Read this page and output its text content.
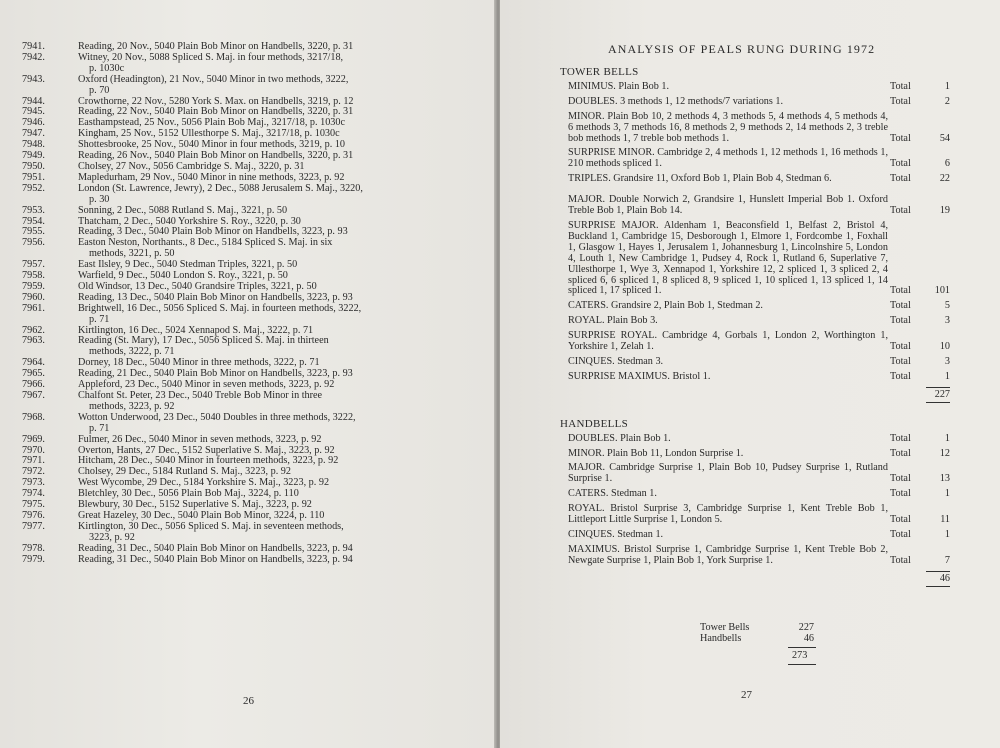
7941.	Reading, 20 Nov., 5040 Plain Bob Minor on Handbells, 3220, p. 31
7942.	Witney, 20 Nov., 5088 Spliced S. Maj. in four methods, 3217/18,
p. 1030c
7943.	Oxford (Headington), 21 Nov., 5040 Minor in two methods, 3222,
p. 70
7944.	Crowthorne, 22 Nov., 5280 York S. Max. on Handbells, 3219, p. 12
7945.	Reading, 22 Nov., 5040 Plain Bob Minor on Handbells, 3220, p. 31
7946.	Easthampstead, 25 Nov., 5056 Plain Bob Maj., 3217/18, p. 1030c
7947.	Kingham, 25 Nov., 5152 Ullesthorpe S. Maj., 3217/18, p. 1030c
7948.	Shottesbrooke, 25 Nov., 5040 Minor in four methods, 3219, p. 10
7949.	Reading, 26 Nov., 5040 Plain Bob Minor on Handbells, 3220, p. 31
7950.	Cholsey, 27 Nov., 5056 Cambridge S. Maj., 3220, p. 31
7951.	Mapledurham, 29 Nov., 5040 Minor in nine methods, 3223, p. 92
7952.	London (St. Lawrence, Jewry), 2 Dec., 5088 Jerusalem S. Maj., 3220,
p. 30
7953.	Sonning, 2 Dec., 5088 Rutland S. Maj., 3221, p. 50
7954.	Thatcham, 2 Dec., 5040 Yorkshire S. Roy., 3220, p. 30
7955.	Reading, 3 Dec., 5040 Plain Bob Minor on Handbells, 3223, p. 93
7956.	Easton Neston, Northants., 8 Dec., 5184 Spliced S. Maj. in six
methods, 3221, p. 50
7957.	East Ilsley, 9 Dec., 5040 Stedman Triples, 3221, p. 50
7958.	Warfield, 9 Dec., 5040 London S. Roy., 3221, p. 50
7959.	Old Windsor, 13 Dec., 5040 Grandsire Triples, 3221, p. 50
7960.	Reading, 13 Dec., 5040 Plain Bob Minor on Handbells, 3223, p. 93
7961.	Brightwell, 16 Dec., 5056 Spliced S. Maj. in fourteen methods, 3222,
p. 71
7962.	Kirtlington, 16 Dec., 5024 Xennapod S. Maj., 3222, p. 71
7963.	Reading (St. Mary), 17 Dec., 5056 Spliced S. Maj. in thirteen
methods, 3222, p. 71
7964.	Dorney, 18 Dec., 5040 Minor in three methods, 3222, p. 71
7965.	Reading, 21 Dec., 5040 Plain Bob Minor on Handbells, 3223, p. 93
7966.	Appleford, 23 Dec., 5040 Minor in seven methods, 3223, p. 92
7967.	Chalfont St. Peter, 23 Dec., 5040 Treble Bob Minor in three
methods, 3223, p. 92
7968.	Wotton Underwood, 23 Dec., 5040 Doubles in three methods, 3222,
p. 71
7969.	Fulmer, 26 Dec., 5040 Minor in seven methods, 3223, p. 92
7970.	Overton, Hants, 27 Dec., 5152 Superlative S. Maj., 3223, p. 92
7971.	Hitcham, 28 Dec., 5040 Minor in fourteen methods, 3223, p. 92
7972.	Cholsey, 29 Dec., 5184 Rutland S. Maj., 3223, p. 92
7973.	West Wycombe, 29 Dec., 5184 Yorkshire S. Maj., 3223, p. 92
7974.	Bletchley, 30 Dec., 5056 Plain Bob Maj., 3224, p. 110
7975.	Blewbury, 30 Dec., 5152 Superlative S. Maj., 3223, p. 92
7976.	Great Hazeley, 30 Dec., 5040 Plain Bob Minor, 3224, p. 110
7977.	Kirtlington, 30 Dec., 5056 Spliced S. Maj. in seventeen methods,
3223, p. 92
7978.	Reading, 31 Dec., 5040 Plain Bob Minor on Handbells, 3223, p. 94
7979.	Reading, 31 Dec., 5040 Plain Bob Minor on Handbells, 3223, p. 94
26
ANALYSIS OF PEALS RUNG DURING 1972
TOWER BELLS
MINIMUS. Plain Bob 1.	Total	1
DOUBLES. 3 methods 1, 12 methods/7 variations 1.	Total	2
MINOR. Plain Bob 10, 2 methods 4, 3 methods 5, 4 methods 4, 5 methods 4, 6 methods 3, 7 methods 16, 8 methods 2, 9 methods 2, 14 methods 2, 3 treble bob methods 1, 7 treble bob methods 1.	Total	54
SURPRISE MINOR. Cambridge 2, 4 methods 1, 12 methods 1, 16 methods 1, 210 methods spliced 1.	Total	6
TRIPLES. Grandsire 11, Oxford Bob 1, Plain Bob 4, Stedman 6.	Total	22
MAJOR. Double Norwich 2, Grandsire 1, Hunslett Imperial Bob 1. Oxford Treble Bob 1, Plain Bob 14.	Total	19
SURPRISE MAJOR. Aldenham 1, Beaconsfield 1, Belfast 2, Bristol 4, Buckland 1, Cambridge 15, Desborough 1, Elmore 1, Fordcombe 1, Foxhall 1, Glasgow 1, Hayes 1, Jerusalem 1, Johannesburg 1, Lincolnshire 5, London 4, Louth 1, New Cambridge 1, Pudsey 4, Rock 1, Rutland 6, Superlative 7, Ullesthorpe 1, Wye 3, Xennapod 1, Yorkshire 12, 2 spliced 1, 3 spliced 2, 4 spliced 6, 6 spliced 1, 8 spliced 8, 9 spliced 1, 10 spliced 1, 13 spliced 1, 14 spliced 1, 17 spliced 1.	Total 101
CATERS. Grandsire 2, Plain Bob 1, Stedman 2.	Total	5
ROYAL. Plain Bob 3.	Total	3
SURPRISE ROYAL. Cambridge 4, Gorbals 1, London 2, Worthington 1, Yorkshire 1, Zelah 1.	Total	10
CINQUES. Stedman 3.	Total	3
SURPRISE MAXIMUS. Bristol 1.	Total	1
227
HANDBELLS
DOUBLES. Plain Bob 1.	Total	1
MINOR. Plain Bob 11, London Surprise 1.	Total	12
MAJOR. Cambridge Surprise 1, Plain Bob 10, Pudsey Surprise 1, Rutland Surprise 1.	Total	13
CATERS. Stedman 1.	Total	1
ROYAL. Bristol Surprise 3, Cambridge Surprise 1, Kent Treble Bob 1, Littleport Little Surprise 1, London 5.	Total	11
CINQUES. Stedman 1.	Total	1
MAXIMUS. Bristol Surprise 1, Cambridge Surprise 1, Kent Treble Bob 2, Newgate Surprise 1, Plain Bob 1, York Surprise 1.	Total	7
46
Tower Bells	227
Handbells	46
273
27
